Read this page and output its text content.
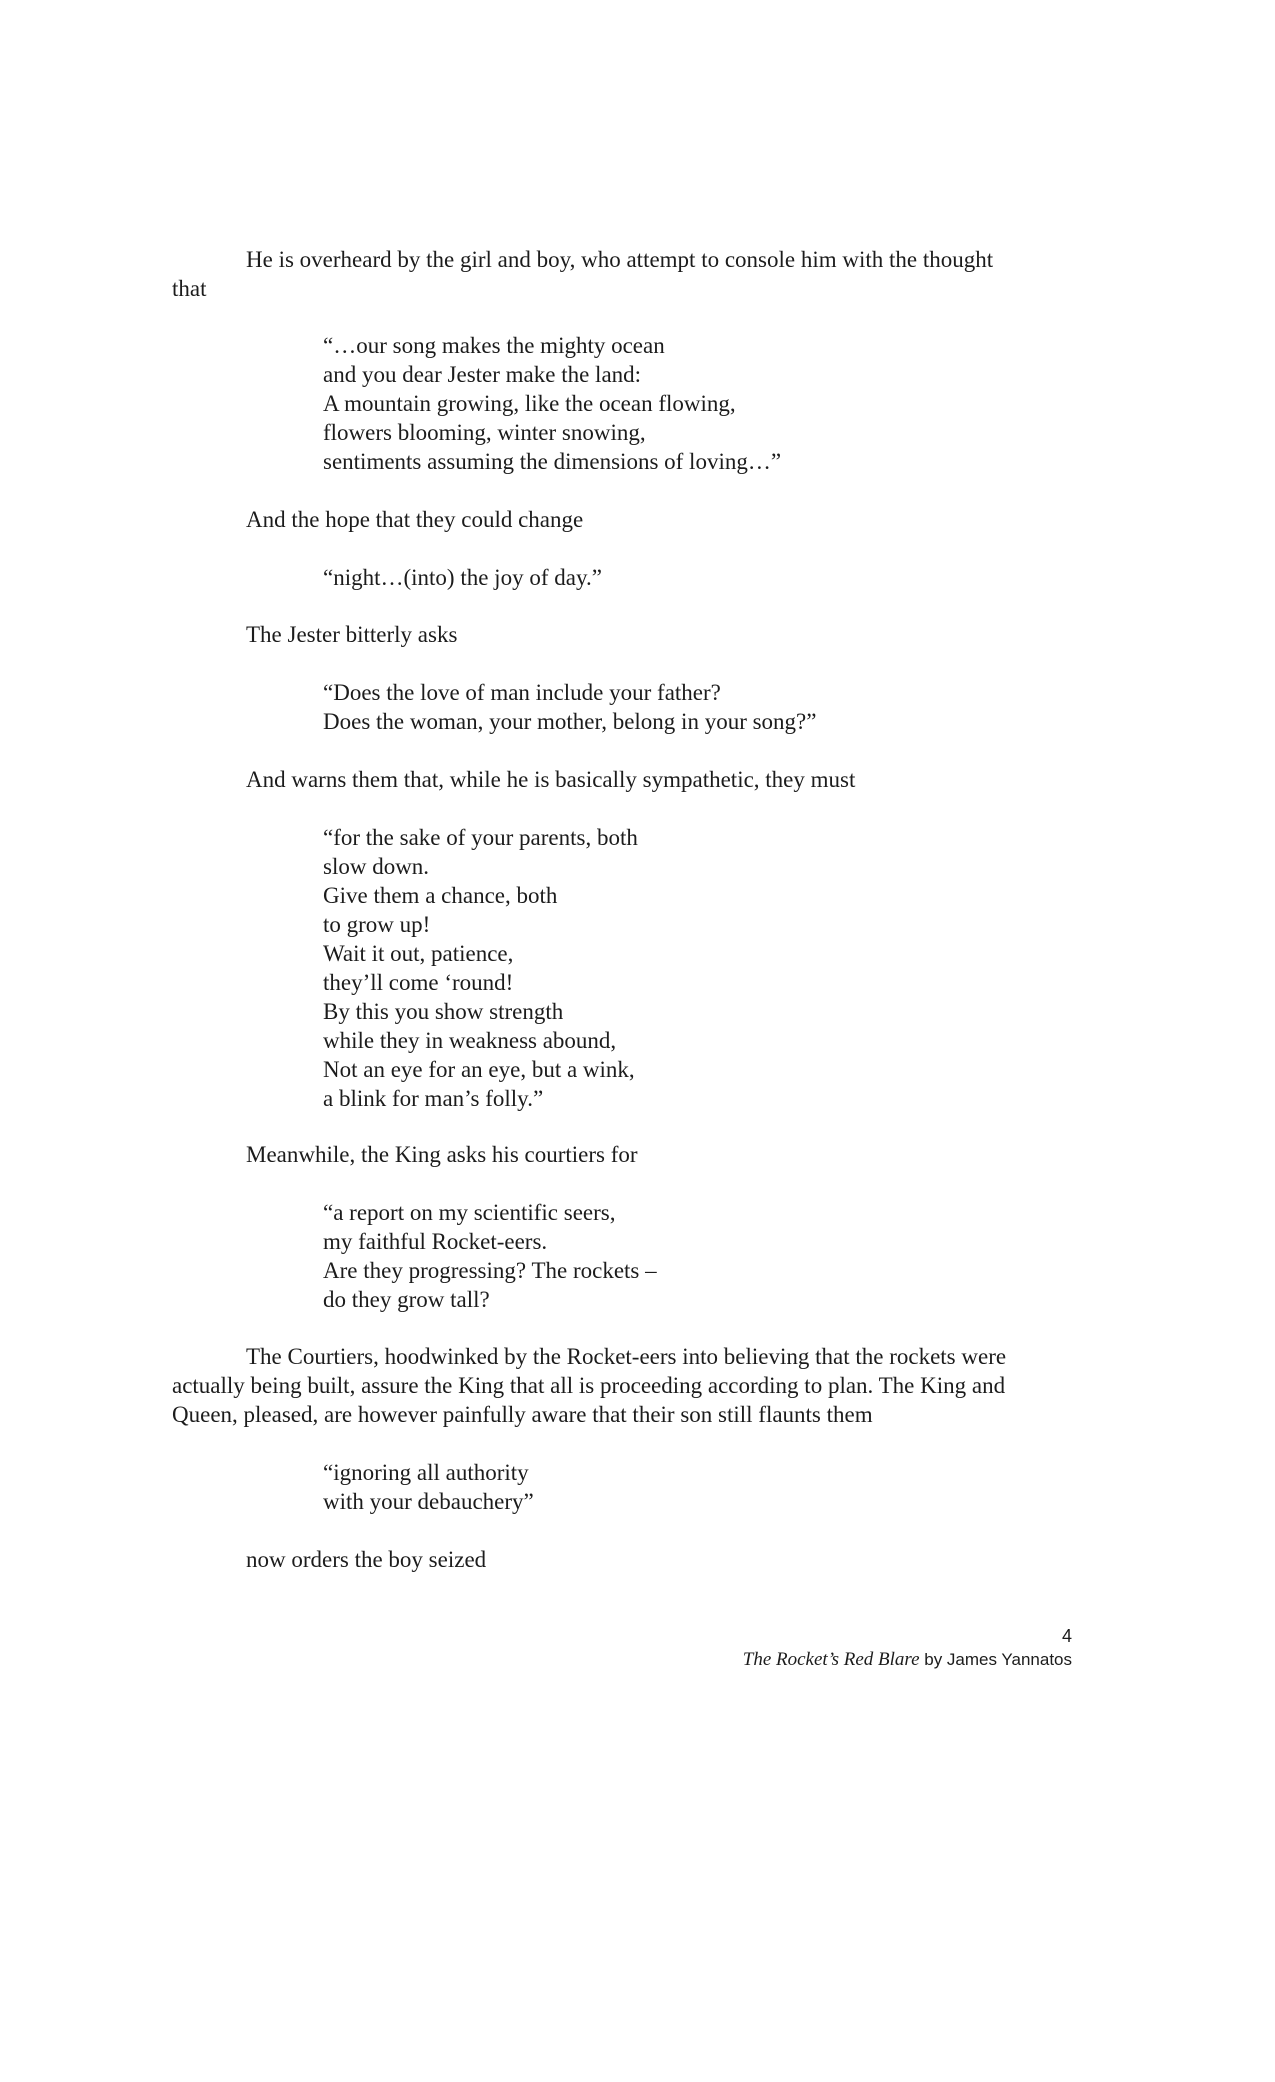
He is overheard by the girl and boy, who attempt to console him with the thought
that
“…our song makes the mighty ocean
and you dear Jester make the land:
A mountain growing, like the ocean flowing,
flowers blooming, winter snowing,
sentiments assuming the dimensions of loving…”
And the hope that they could change
“night…(into) the joy of day.”
The Jester bitterly asks
“Does the love of man include your father?
Does the woman, your mother, belong in your song?”
And warns them that, while he is basically sympathetic, they must
“for the sake of your parents, both
slow down.
Give them a chance, both
to grow up!
Wait it out, patience,
they’ll come ‘round!
By this you show strength
while they in weakness abound,
Not an eye for an eye, but a wink,
a blink for man’s folly.”
Meanwhile, the King asks his courtiers for
“a report on my scientific seers,
my faithful Rocket-eers.
Are they progressing? The rockets –
do they grow tall?
The Courtiers, hoodwinked by the Rocket-eers into believing that the rockets were actually being built, assure the King that all is proceeding according to plan. The King and Queen, pleased, are however painfully aware that their son still flaunts them
“ignoring all authority
with your debauchery”
now orders the boy seized
4
The Rocket’s Red Blare by James Yannatos
